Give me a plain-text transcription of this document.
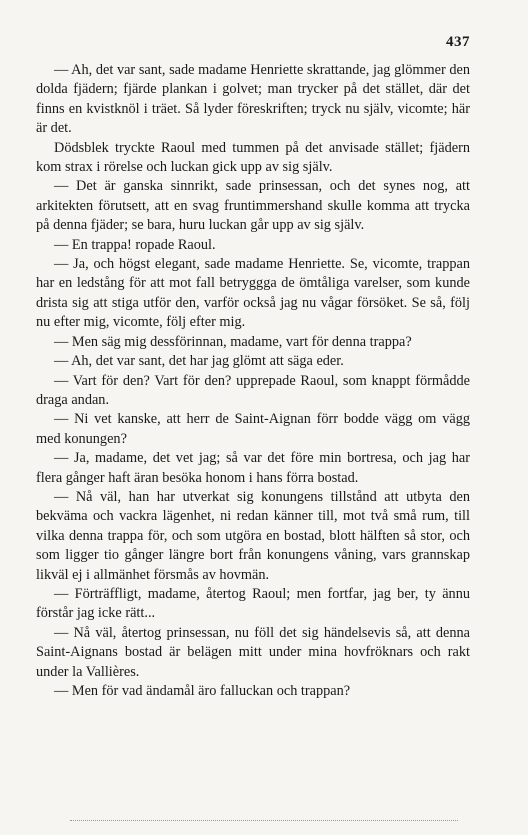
437

— Ah, det var sant, sade madame Henriette skrattande, jag glömmer den dolda fjädern; fjärde plankan i golvet; man trycker på det stället, där det finns en kvistknöl i träet. Så lyder föreskriften; tryck nu själv, vicomte; här är det.

Dödsblek tryckte Raoul med tummen på det anvisade stället; fjädern kom strax i rörelse och luckan gick upp av sig själv.

— Det är ganska sinnrikt, sade prinsessan, och det synes nog, att arkitekten förutsett, att en svag fruntimmershand skulle komma att trycka på denna fjäder; se bara, huru luckan går upp av sig själv.

— En trappa! ropade Raoul.

— Ja, och högst elegant, sade madame Henriette. Se, vicomte, trappan har en ledstång för att mot fall betryggga de ömtåliga varelser, som kunde drista sig att stiga utför den, varför också jag nu vågar försöket. Se så, följ nu efter mig, vicomte, följ efter mig.

— Men säg mig dessförinnan, madame, vart för denna trappa?

— Ah, det var sant, det har jag glömt att säga eder.

— Vart för den? Vart för den? upprepade Raoul, som knappt förmådde draga andan.

— Ni vet kanske, att herr de Saint-Aignan förr bodde vägg om vägg med konungen?

— Ja, madame, det vet jag; så var det före min bortresa, och jag har flera gånger haft äran besöka honom i hans förra bostad.

— Nå väl, han har utverkat sig konungens tillstånd att utbyta den bekväma och vackra lägenhet, ni redan känner till, mot två små rum, till vilka denna trappa för, och som utgöra en bostad, blott hälften så stor, och som ligger tio gånger längre bort från konungens våning, vars grannskap likväl ej i allmänhet försmås av hovmän.

— Förträffligt, madame, återtog Raoul; men fortfar, jag ber, ty ännu förstår jag icke rätt...

— Nå väl, återtog prinsessan, nu föll det sig händelsevis så, att denna Saint-Aignans bostad är belägen mitt under mina hovfröknars och rakt under la Vallières.

— Men för vad ändamål äro falluckan och trappan?
